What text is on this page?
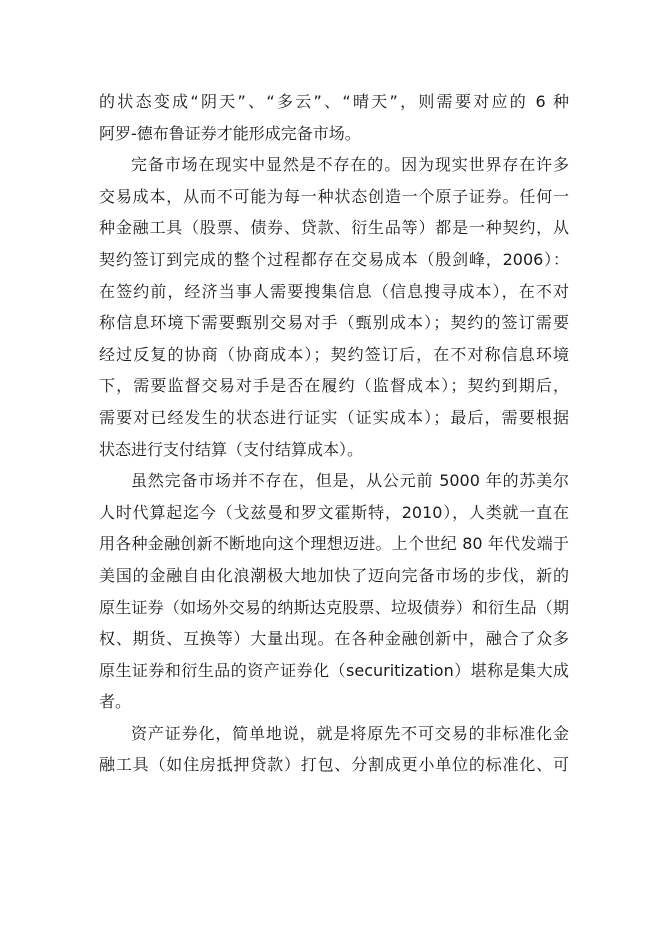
的状态变成“阴天”、“多云”、“晴天”，则需要对应的 6 种
阿罗-德布鲁证券才能形成完备市场。
完备市场在现实中显然是不存在的。因为现实世界存在许多
交易成本，从而不可能为每一种状态创造一个原子证券。任何一
种金融工具（股票、债券、贷款、衍生品等）都是一种契约，从
契约签订到完成的整个过程都存在交易成本（殷剑峰，2006）：
在签约前，经济当事人需要搜集信息（信息搜寻成本），在不对
称信息环境下需要甄别交易对手（甄别成本）；契约的签订需要
经过反复的协商（协商成本）；契约签订后，在不对称信息环境
下，需要监督交易对手是否在履约（监督成本）；契约到期后，
需要对已经发生的状态进行证实（证实成本）；最后，需要根据
状态进行支付结算（支付结算成本）。
虽然完备市场并不存在，但是，从公元前 5000 年的苏美尔
人时代算起迄今（戈兹曼和罗文霍斯特，2010），人类就一直在
用各种金融创新不断地向这个理想迈进。上个世纪 80 年代发端于
美国的金融自由化浪潮极大地加快了迈向完备市场的步伐，新的
原生证券（如场外交易的纳斯达克股票、垃圾债券）和衍生品（期
权、期货、互换等）大量出现。在各种金融创新中，融合了众多
原生证券和衍生品的资产证券化（securitization）堪称是集大成
者。
资产证券化，简单地说，就是将原先不可交易的非标准化金
融工具（如住房抵押贷款）打包、分割成更小单位的标准化、可
